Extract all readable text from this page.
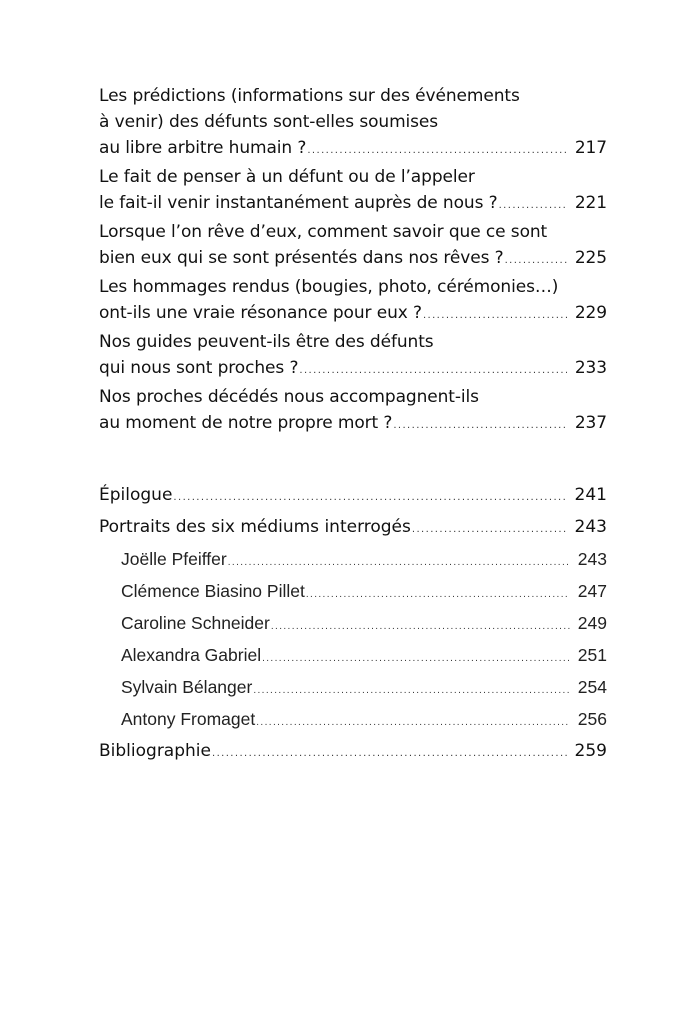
Les prédictions (informations sur des événements
à venir) des défunts sont-elles soumises
au libre arbitre humain ? .....	217
Le fait de penser à un défunt ou de l’appeler
le fait-il venir instantanément auprès de nous ? .....	221
Lorsque l’on rêve d’eux, comment savoir que ce sont
bien eux qui se sont présentés dans nos rêves ? .....	225
Les hommages rendus (bougies, photo, cérémonies…)
ont-ils une vraie résonance pour eux ? .....	229
Nos guides peuvent-ils être des défunts
qui nous sont proches ? .....	233
Nos proches décédés nous accompagnent-ils
au moment de notre propre mort ? .....	237
Épilogue .....	241
Portraits des six médiums interrogés .....	243
Joëlle Pfeiffer .....	243
Clémence Biasino Pillet .....	247
Caroline Schneider .....	249
Alexandra Gabriel .....	251
Sylvain Bélanger .....	254
Antony Fromaget .....	256
Bibliographie .....	259
